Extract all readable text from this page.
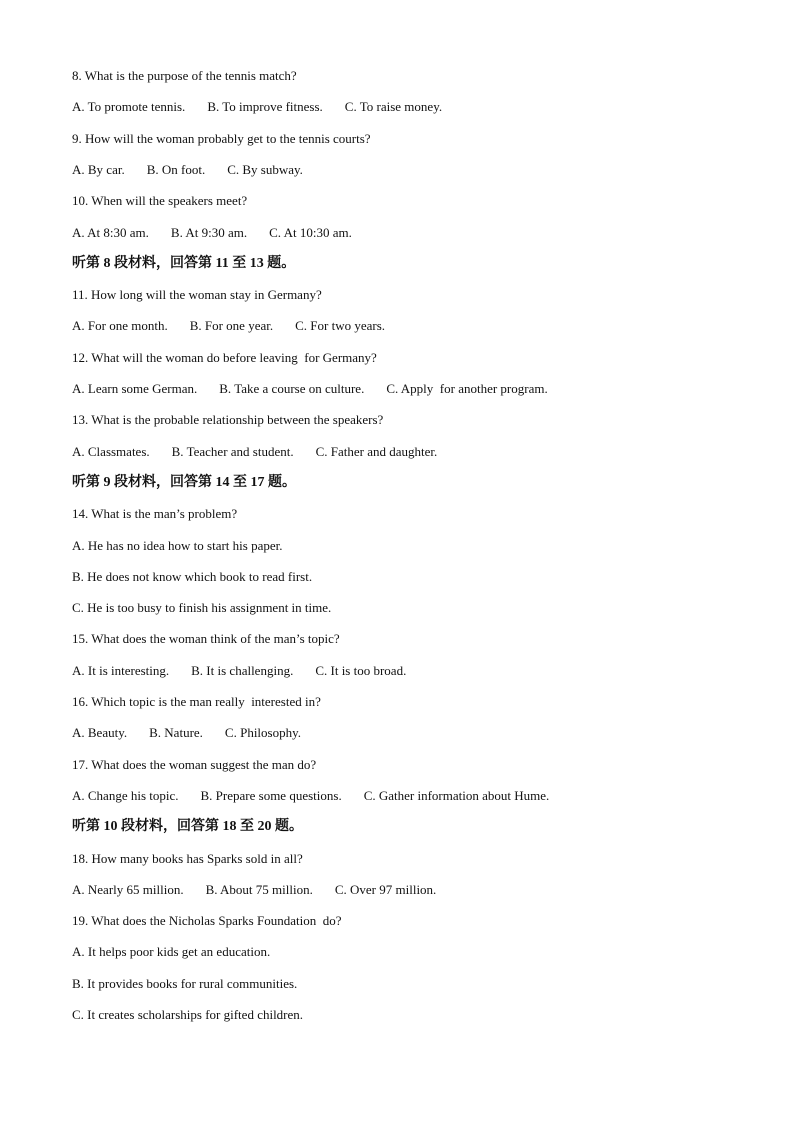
8. What is the purpose of the tennis match?
A. To promote tennis. B. To improve fitness. C. To raise money.
9. How will the woman probably get to the tennis courts?
A. By car. B. On foot. C. By subway.
10. When will the speakers meet?
A. At 8:30 am. B. At 9:30 am. C. At 10:30 am.
听第 8 段材料，回答第 11 至 13 题。
11. How long will the woman stay in Germany?
A. For one month. B. For one year. C. For two years.
12. What will the woman do before leaving  for Germany?
A. Learn some German. B. Take a course on culture. C. Apply  for another program.
13. What is the probable relationship between the speakers?
A. Classmates. B. Teacher and student. C. Father and daughter.
听第 9 段材料，回答第 14 至 17 题。
14. What is the man’s problem?
A. He has no idea how to start his paper.
B. He does not know which book to read first.
C. He is too busy to finish his assignment in time.
15. What does the woman think of the man’s topic?
A. It is interesting. B. It is challenging. C. It is too broad.
16. Which topic is the man really  interested in?
A. Beauty. B. Nature. C. Philosophy.
17. What does the woman suggest the man do?
A. Change his topic. B. Prepare some questions. C. Gather information about Hume.
听第 10 段材料，回答第 18 至 20 题。
18. How many books has Sparks sold in all?
A. Nearly 65 million. B. About 75 million. C. Over 97 million.
19. What does the Nicholas Sparks Foundation  do?
A. It helps poor kids get an education.
B. It provides books for rural communities.
C. It creates scholarships for gifted children.
